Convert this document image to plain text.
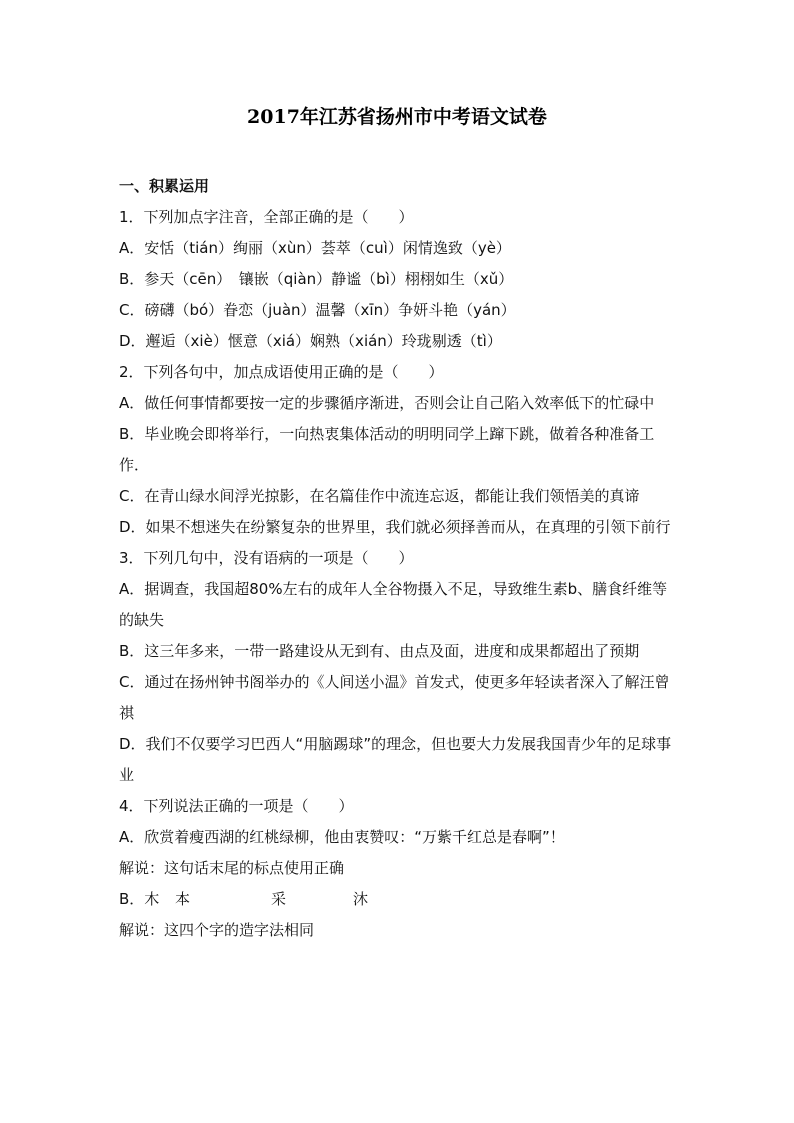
2017年江苏省扬州市中考语文试卷
一、积累运用
1．下列加点字注音，全部正确的是（　　）
A．安恬（tián）绚丽（xùn）荟萃（cuì）闲情逸致（yè）
B．参天（cēn）　镶嵌（qiàn）静谧（bì）栩栩如生（xǔ）
C．磅礴（bó）眷恋（juàn）温馨（xīn）争妍斗艳（yán）
D．邂逅（xiè）惬意（xiá）娴熟（xián）玲珑剔透（tì）
2．下列各句中，加点成语使用正确的是（　　）
A．做任何事情都要按一定的步骤循序渐进，否则会让自己陷入效率低下的忙碌中
B．毕业晚会即将举行，一向热衷集体活动的明明同学上蹿下跳，做着各种准备工作．
C．在青山绿水间浮光掠影，在名篇佳作中流连忘返，都能让我们领悟美的真谛
D．如果不想迷失在纷繁复杂的世界里，我们就必须择善而从，在真理的引领下前行
3．下列几句中，没有语病的一项是（　　）
A．据调查，我国超80%左右的成年人全谷物摄入不足，导致维生素b、膳食纤维等的缺失
B．这三年多来，一带一路建设从无到有、由点及面，进度和成果都超出了预期
C．通过在扬州钟书阁举办的《人间送小温》首发式，使更多年轻读者深入了解汪曾祺
D．我们不仅要学习巴西人“用脑踢球”的理念，但也要大力发展我国青少年的足球事业
4．下列说法正确的一项是（　　）
A．欣赏着瘦西湖的红桃绿柳，他由衷赞叹：“万紫千红总是春啊”！
解说：这句话末尾的标点使用正确
B．木 本	采	沐
解说：这四个字的造字法相同
